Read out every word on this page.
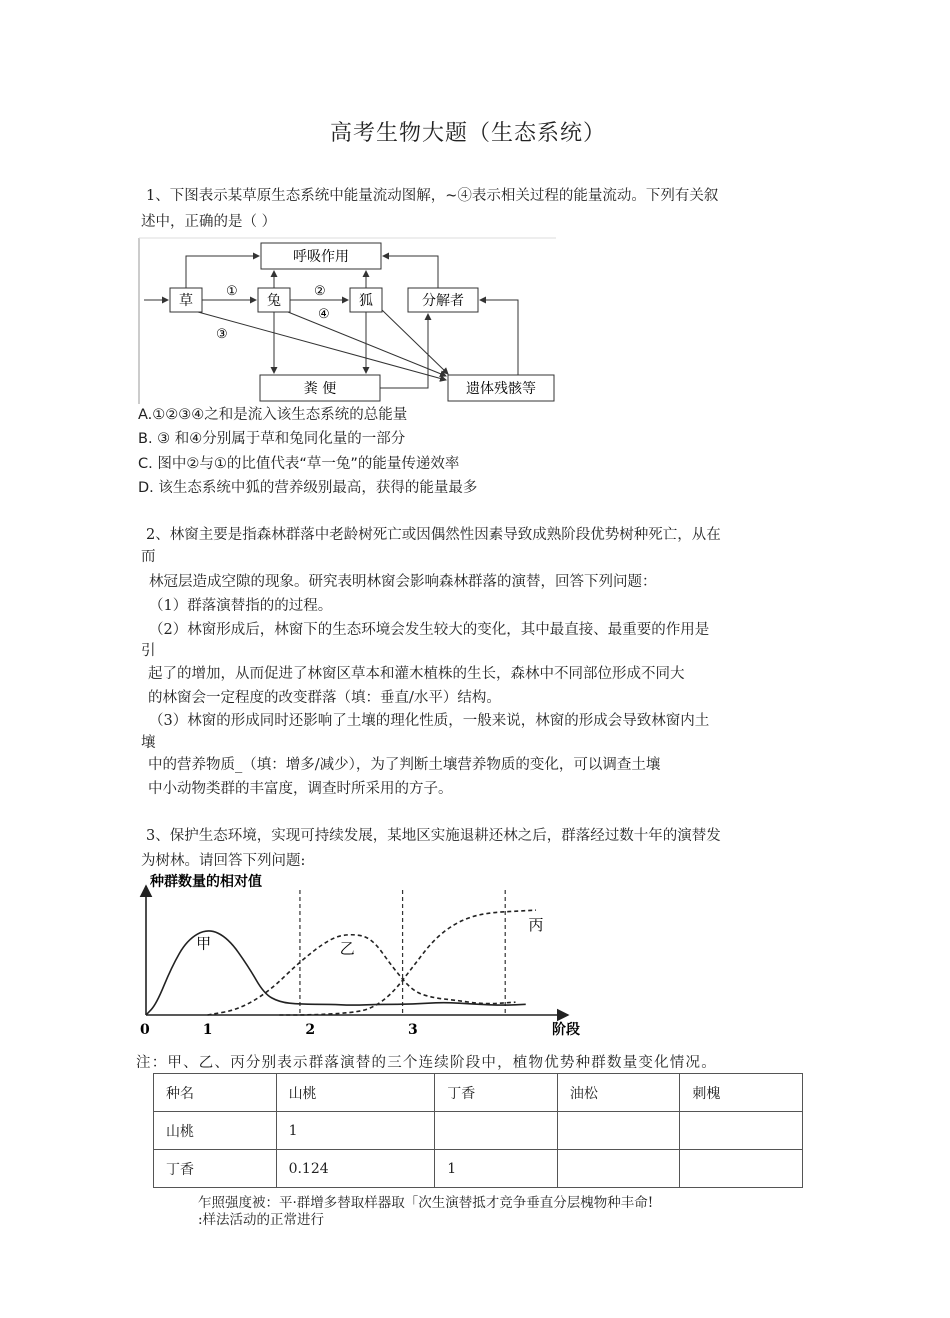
高考生物大题（生态系统）
1、下图表示某草原生态系统中能量流动图解，~④表示相关过程的能量流动。下列有关叙
述中，正确的是（ ）
呼吸作用
草	兔	狐	分解者
粪 便	遗体残骸等
①	②
③
④
A.①②③④之和是流入该生态系统的总能量
B. ③ 和④分别属于草和兔同化量的一部分
C. 图中②与①的比值代表“草一兔”的能量传递效率
D. 该生态系统中狐的营养级别最高，获得的能量最多
2、林窗主要是指森林群落中老龄树死亡或因偶然性因素导致成熟阶段优势树种死亡，从在
而
林冠层造成空隙的现象。研究表明林窗会影响森林群落的演替，回答下列问题：
（1）群落演替指的的过程。
（2）林窗形成后，林窗下的生态环境会发生较大的变化，其中最直接、最重要的作用是
引
起了的增加，从而促进了林窗区草本和灌木植株的生长，森林中不同部位形成不同大
的林窗会一定程度的改变群落（填：垂直/水平）结构。
（3）林窗的形成同时还影响了土壤的理化性质，一般来说，林窗的形成会导致林窗内土
壤
中的营养物质_（填：增多/减少），为了判断土壤营养物质的变化，可以调查土壤
中小动物类群的丰富度，调查时所采用的方子。
3、保护生态环境，实现可持续发展，某地区实施退耕还林之后，群落经过数十年的演替发
为树林。请回答下列问题:
种群数量的相对值
阶段
0	1	2	3
甲	乙
丙
注：甲、乙、丙分别表示群落演替的三个连续阶段中，植物优势种群数量变化情况。
种名	山桃	丁香	油松	刺槐
山桃	1			
丁香	0.124	1		
乍照强度被：平·群增多替取样器取「次生演替抵才竞争垂直分层槐物种丰命!
:样法活动的正常进行
